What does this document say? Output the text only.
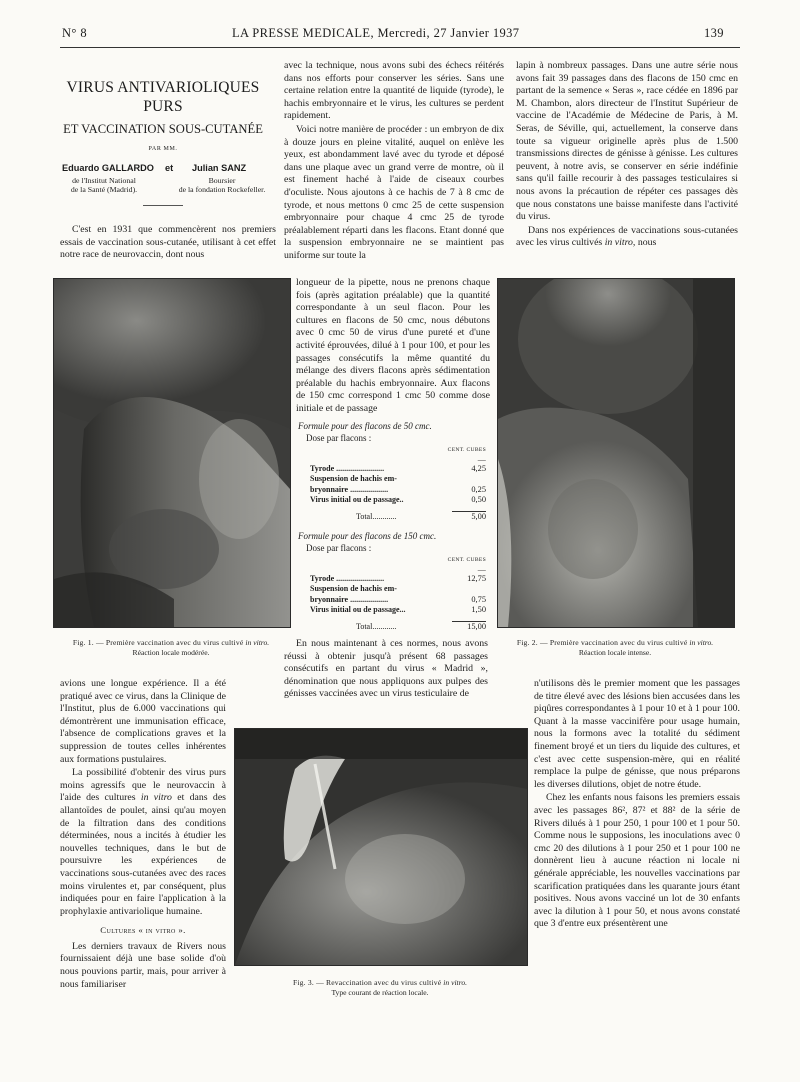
N° 8	LA PRESSE MEDICALE, Mercredi, 27 Janvier 1937	139
VIRUS ANTIVARIOLIQUES
PURS
ET VACCINATION SOUS-CUTANÉE
PAR MM.
Eduardo GALLARDO et Julian SANZ
de l'Institut National
de la Santé (Madrid).
Boursier
de la fondation Rockefeller.

C'est en 1931 que commencèrent nos premiers essais de vaccination sous-cutanée, utilisant à cet effet notre race de neurovaccin, dont nous

avec la technique, nous avons subi des échecs réitérés dans nos efforts pour conserver les séries. Sans une certaine relation entre la quantité de liquide (tyrode), le hachis embryonnaire et le virus, les cultures se perdent rapidement.

Voici notre manière de procéder : un embryon de dix à douze jours en pleine vitalité, auquel on enlève les yeux, est abondamment lavé avec du tyrode et déposé dans une plaque avec un grand verre de montre, où il est finement haché à l'aide de ciseaux courbes d'oculiste. Nous ajoutons à ce hachis de 7 à 8 cmc de tyrode, et nous mettons 0 cmc 25 de cette suspension embryonnaire pour chaque 4 cmc 25 de tyrode préalablement réparti dans les flacons. Etant donné que la suspension embryonnaire ne se maintient pas uniforme sur toute la

longueur de la pipette, nous ne prenons chaque fois (après agitation préalable) que la quantité correspondante à un seul flacon. Pour les cultures en flacons de 50 cmc, nous débutons avec 0 cmc 50 de virus d'une pureté et d'une activité éprouvées, dilué à 1 pour 100, et pour les passages consécutifs la même quantité du mélange des divers flacons après sédimentation préalable du hachis embryonnaire. Aux flacons de 150 cmc correspond 1 cmc 50 comme dose initiale et de passage

Formule pour des flacons de 50 cmc.

Dose par flacons :

CENT. CUBES	
—	
Tyrode ........................	4,25
Suspension de hachis em-	
bryonnaire ...................	0,25
Virus initial ou de passage..	0,50

Total............	5,00

Formule pour des flacons de 150 cmc.

Dose par flacons :

CENT. CUBES	
—	
Tyrode ........................	12,75
Suspension de hachis em-	
bryonnaire ...................	0,75
Virus initial ou de passage...	1,50

Total............	15,00

lapin à nombreux passages. Dans une autre série nous avons fait 39 passages dans des flacons de 150 cmc en partant de la semence « Seras », race cédée en 1896 par M. Chambon, alors directeur de l'Institut Supérieur de vaccine de l'Académie de Médecine de Paris, à M. Seras, de Séville, qui, actuellement, la conserve dans toute sa vigueur originelle après plus de 1.500 transmissions directes de génisse à génisse. Les cultures peuvent, à notre avis, se conserver en série indéfinie sans qu'il faille recourir à des passages testiculaires si nous avons la précaution de répéter ces passages dès que nous constatons une baisse manifeste dans l'activité du virus.

Dans nos expériences de vaccinations sous-cutanées avec les virus cultivés in vitro, nous

Fig. 1. — Première vaccination avec du virus cultivé in vitro.
Réaction locale modérée.
Fig. 2. — Première vaccination avec du virus cultivé in vitro.
Réaction locale intense.

En nous maintenant à ces normes, nous avons réussi à obtenir jusqu'à présent 68 passages consécutifs en partant du virus « Madrid », dénomination que nous appliquons aux pulpes des génisses vaccinées avec un virus testiculaire de

avions une longue expérience. Il a été pratiqué avec ce virus, dans la Clinique de l'Institut, plus de 6.000 vaccinations qui démontrèrent une immunisation efficace, l'absence de complications graves et la suppression de toutes celles inhérentes aux formations pustulaires.

La possibilité d'obtenir des virus purs moins agressifs que le neurovaccin à l'aide des cultures in vitro et dans des allantoïdes de poulet, ainsi qu'au moyen de la filtration dans des conditions déterminées, nous a incités à étudier les nouvelles techniques, dans le but de poursuivre les expériences de vaccinations sous-cutanées avec des races moins virulentes et, par conséquent, plus indiquées pour en faire l'application à la prophylaxie antivariolique humaine.

Cultures « in vitro ».

Les derniers travaux de Rivers nous fournissaient déjà une base solide d'où nous pouvions partir, mais, pour arriver à nous familiariser	Fig. 3. — Revaccination avec du virus cultivé in vitro.
Type courant de réaction locale.

n'utilisons dès le premier moment que les passages de titre élevé avec des lésions bien accusées dans les piqûres correspondantes à 1 pour 10 et à 1 pour 100. Quant à la masse vaccinifère pour usage humain, nous la formons avec la totalité du sédiment finement broyé et un tiers du liquide des cultures, et c'est avec cette suspension-mère, qui en réalité remplace la pulpe de génisse, que nous préparons les diverses dilutions, objet de notre étude.

Chez les enfants nous faisons les premiers essais avec les passages 86², 87² et 88² de la série de Rivers dilués à 1 pour 250, 1 pour 100 et 1 pour 50. Comme nous le supposions, les inoculations avec 0 cmc 20 des dilutions à 1 pour 250 et 1 pour 100 ne donnèrent lieu à aucune réaction ni locale ni générale appréciable, les nouvelles vaccinations par scarification pratiquées dans les quarante jours étant positives. Nous avons vacciné un lot de 30 enfants avec la dilution à 1 pour 50, et nous avons constaté que 3 d'entre eux présentèrent une
